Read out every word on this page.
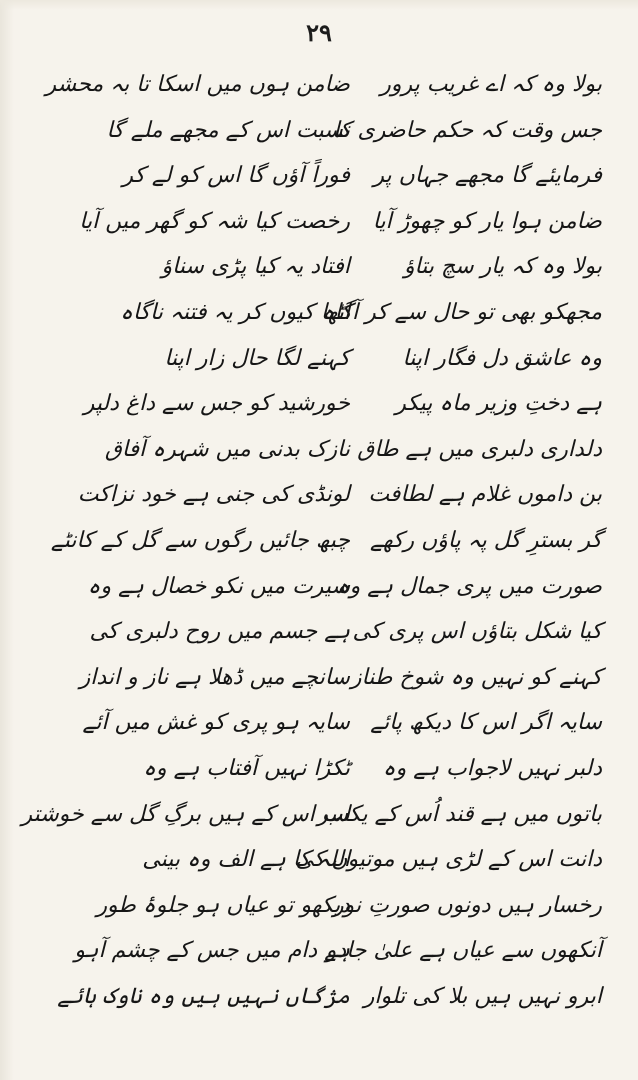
۲۹
بولا وہ کہ اے غریب پرور
جس وقت کہ حکم حاضری کا
فرمایئے گا مجھے جہاں پر
ضامن ہوا یار کو چھوڑ آیا
بولا وہ کہ یار سچ بتاؤ
مجھکو بھی تو حال سے کر آگاہ
وہ عاشق دل فگار اپنا
ہے دختِ وزیر ماہ پیکر
دلداری دلبری میں ہے طاق
بن داموں غلام ہے لطافت
گر بسترِ گل پہ پاؤں رکھے
صورت میں پری جمال ہے وہ
کیا شکل بتاؤں اس پری کی
کہنے کو نہیں وہ شوخ طناز
سایہ اگر اس کا دیکھ پائے
دلبر نہیں لاجواب ہے وہ
باتوں میں ہے قند اُس کے یکسر
دانت اس کے لڑی ہیں موتیوں کی
رخسار ہیں دونوں صورتِ نور
آنکھوں سے عیاں ہے علیٰ جادو
ابرو نہیں ہیں بلا کی تلوار
ضامن ہوں میں اسکا تا بہ محشر
نسبت اس کے مجھے ملے گا
فوراً آؤں گا اس کو لے کر
رخصت کیا شہ کو گھر میں آیا
افتاد یہ کیا پڑی سناؤ
اٹھا کیوں کر یہ فتنہ ناگاہ
کہنے لگا حال زار اپنا
خورشید کو جس سے داغ دلپر
نازک بدنی میں شہرہ آفاق
لونڈی کی جنی ہے خود نزاکت
چبھ جائیں رگوں سے گل کے کانٹے
سیرت میں نکو خصال ہے وہ
ہے جسم میں روح دلبری کی
سانچے میں ڈھلا ہے ناز و انداز
سایہ ہو پری کو غش میں آئے
ٹکڑا نہیں آفتاب ہے وہ
لب اس کے ہیں برگِ گل سے خوشتر
اللہ کا ہے الف وہ بینی
دیکھو تو عیاں ہو جلوۂ طور
ہے دام میں جس کے چشم آہو
مژگاں نہیں ہیں وہ ناوک ہائے
